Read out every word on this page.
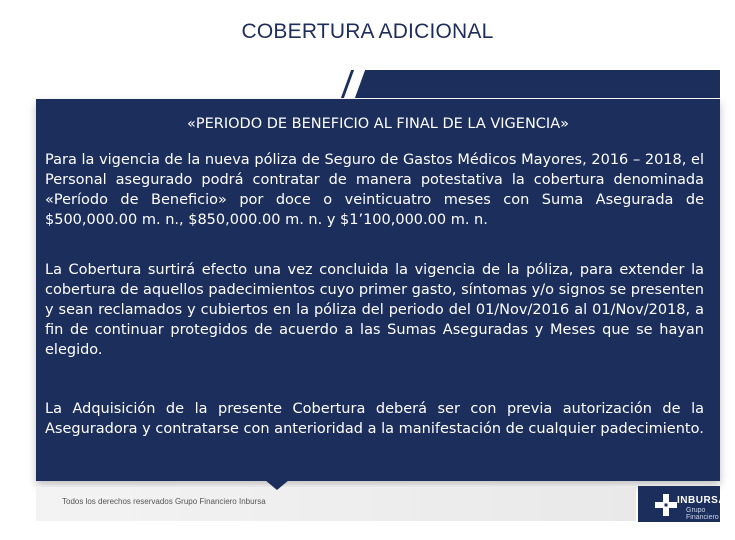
COBERTURA ADICIONAL
«PERIODO DE BENEFICIO AL FINAL DE LA VIGENCIA»
Para la vigencia de la nueva póliza de Seguro de Gastos Médicos Mayores, 2016 – 2018, el Personal asegurado podrá contratar de manera potestativa la cobertura denominada «Período de Beneficio» por doce o veinticuatro meses con Suma Asegurada de $500,000.00 m. n., $850,000.00 m. n. y $1’100,000.00 m. n.
La Cobertura surtirá efecto una vez concluida la vigencia de la póliza, para extender la cobertura de aquellos padecimientos cuyo primer gasto, síntomas y/o signos se presenten y sean reclamados y cubiertos en la póliza del periodo del 01/Nov/2016 al 01/Nov/2018, a fin de continuar protegidos de acuerdo a las Sumas Aseguradas y Meses que se hayan elegido.
La Adquisición de la presente Cobertura deberá ser con previa autorización de la Aseguradora y contratarse con anterioridad a la manifestación de cualquier padecimiento.
Todos los derechos reservados Grupo Financiero Inbursa	INBURSA
Grupo Financiero
